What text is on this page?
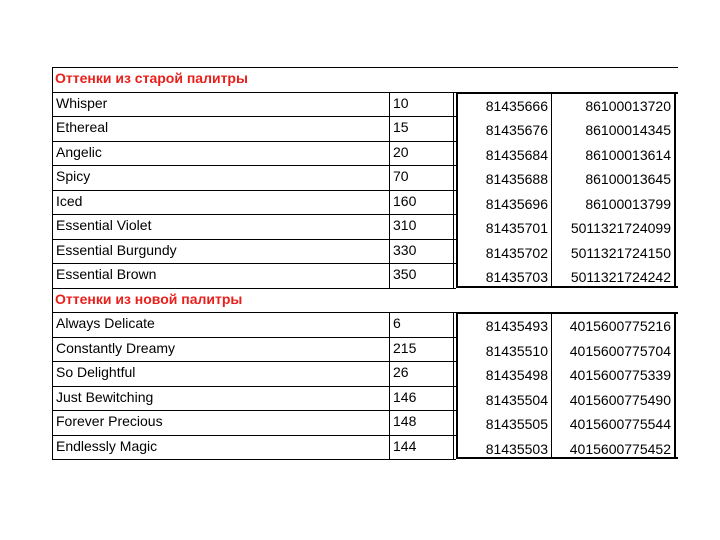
Оттенки из старой палитры
Whisper	10	81435666	86100013720
Ethereal	15	81435676	86100014345
Angelic	20	81435684	86100013614
Spicy	70	81435688	86100013645
Iced	160	81435696	86100013799
Essential Violet	310	81435701	5011321724099
Essential Burgundy	330	81435702	5011321724150
Essential Brown	350	81435703	5011321724242
Оттенки из новой палитры
Always Delicate	6	81435493	4015600775216
Constantly Dreamy	215	81435510	4015600775704
So Delightful	26	81435498	4015600775339
Just Bewitching	146	81435504	4015600775490
Forever Precious	148	81435505	4015600775544
Endlessly Magic	144	81435503	4015600775452
